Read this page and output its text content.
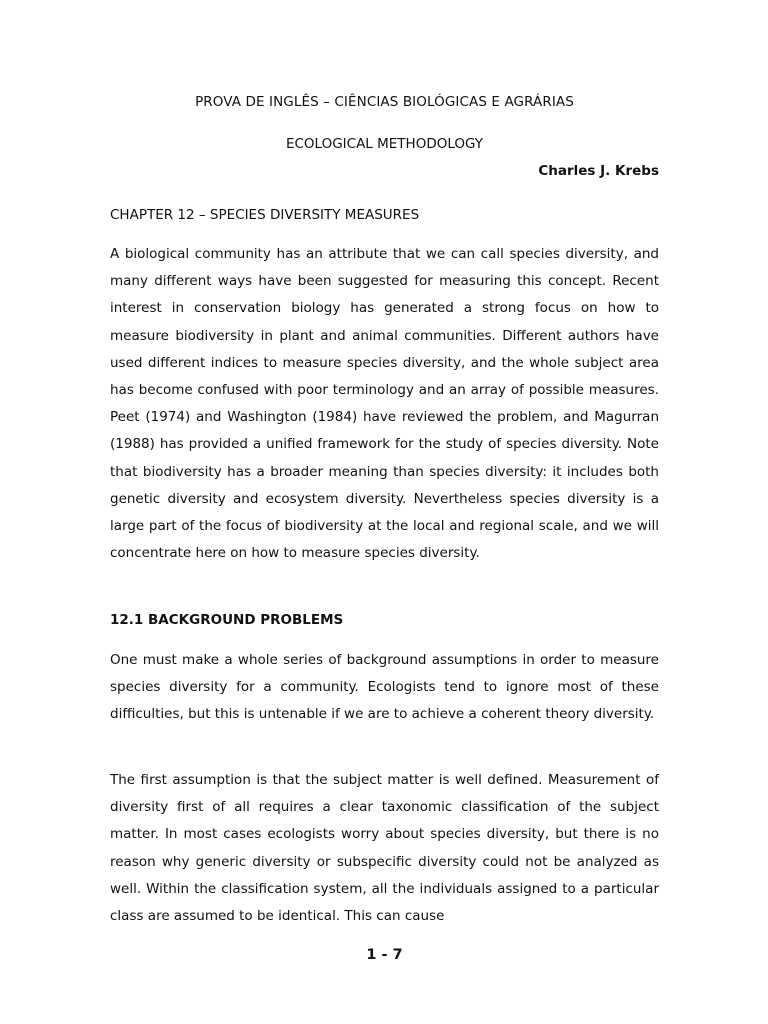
PROVA DE INGLÊS – CIÊNCIAS BIOLÓGICAS E AGRÁRIAS
ECOLOGICAL METHODOLOGY

Charles J. Krebs

CHAPTER 12 – SPECIES DIVERSITY MEASURES

A biological community has an attribute that we can call species diversity, and many different ways have been suggested for measuring this concept. Recent interest in conservation biology has generated a strong focus on how to measure biodiversity in plant and animal communities. Different authors have used different indices to measure species diversity, and the whole subject area has become confused with poor terminology and an array of possible measures. Peet (1974) and Washington (1984) have reviewed the problem, and Magurran (1988) has provided a unified framework for the study of species diversity. Note that biodiversity has a broader meaning than species diversity: it includes both genetic diversity and ecosystem diversity. Nevertheless species diversity is a large part of the focus of biodiversity at the local and regional scale, and we will concentrate here on how to measure species diversity.

12.1 BACKGROUND PROBLEMS

One must make a whole series of background assumptions in order to measure species diversity for a community. Ecologists tend to ignore most of these difficulties, but this is untenable if we are to achieve a coherent theory diversity.

The first assumption is that the subject matter is well defined. Measurement of diversity first of all requires a clear taxonomic classification of the subject matter. In most cases ecologists worry about species diversity, but there is no reason why generic diversity or subspecific diversity could not be analyzed as well. Within the classification system, all the individuals assigned to a particular class are assumed to be identical. This can cause

1 - 7
